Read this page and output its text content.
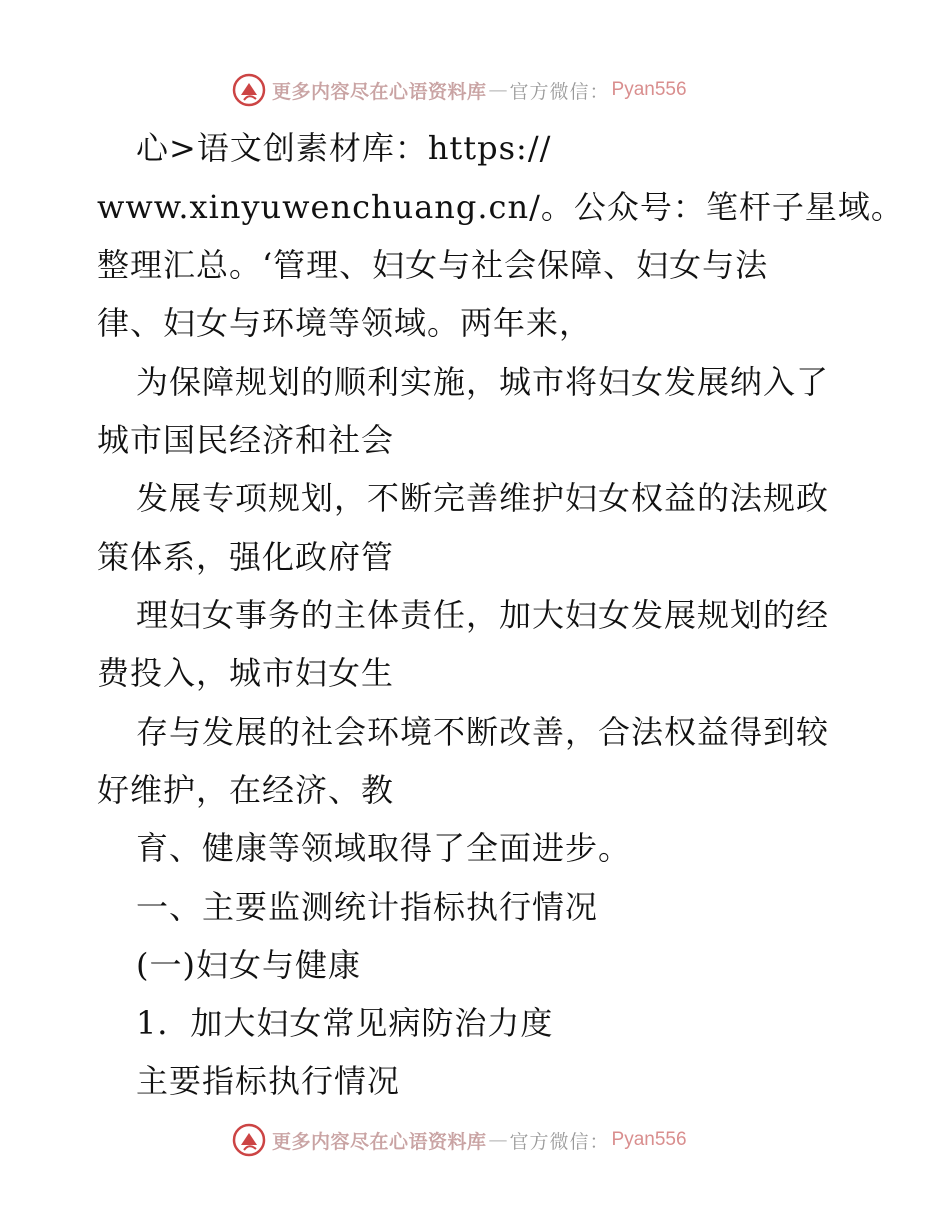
更多内容尽在心语资料库 — 官方微信： Pyan556
心>语文创素材库：https://
www.xinyuwenchuang.cn/。公众号：笔杆子星域。
整理汇总。‘管理、妇女与社会保障、妇女与法
律、妇女与环境等领域。两年来，
为保障规划的顺利实施，城市将妇女发展纳入了
城市国民经济和社会
发展专项规划，不断完善维护妇女权益的法规政
策体系，强化政府管
理妇女事务的主体责任，加大妇女发展规划的经
费投入，城市妇女生
存与发展的社会环境不断改善，合法权益得到较
好维护，在经济、教
育、健康等领域取得了全面进步。
一、主要监测统计指标执行情况
(一)妇女与健康
1．加大妇女常见病防治力度
主要指标执行情况
更多内容尽在心语资料库 — 官方微信： Pyan556
